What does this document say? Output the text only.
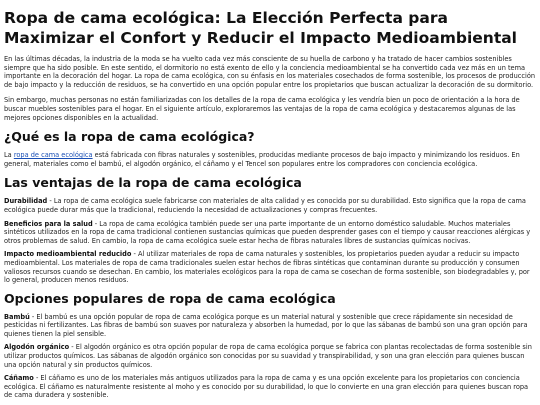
Ropa de cama ecológica: La Elección Perfecta para Maximizar el Confort y Reducir el Impacto Medioambiental

En las últimas décadas, la industria de la moda se ha vuelto cada vez más consciente de su huella de carbono y ha tratado de hacer cambios sostenibles siempre que ha sido posible. En este sentido, el dormitorio no está exento de ello y la conciencia medioambiental se ha convertido cada vez más en un tema importante en la decoración del hogar. La ropa de cama ecológica, con su énfasis en los materiales cosechados de forma sostenible, los procesos de producción de bajo impacto y la reducción de residuos, se ha convertido en una opción popular entre los propietarios que buscan actualizar la decoración de su dormitorio.

Sin embargo, muchas personas no están familiarizadas con los detalles de la ropa de cama ecológica y les vendría bien un poco de orientación a la hora de buscar muebles sostenibles para el hogar. En el siguiente artículo, exploraremos las ventajas de la ropa de cama ecológica y destacaremos algunas de las mejores opciones disponibles en la actualidad.

¿Qué es la ropa de cama ecológica?

La ropa de cama ecológica está fabricada con fibras naturales y sostenibles, producidas mediante procesos de bajo impacto y minimizando los residuos. En general, materiales como el bambú, el algodón orgánico, el cáñamo y el Tencel son populares entre los compradores con conciencia ecológica.

Las ventajas de la ropa de cama ecológica

Durabilidad - La ropa de cama ecológica suele fabricarse con materiales de alta calidad y es conocida por su durabilidad. Esto significa que la ropa de cama ecológica puede durar más que la tradicional, reduciendo la necesidad de actualizaciones y compras frecuentes.

Beneficios para la salud - La ropa de cama ecológica también puede ser una parte importante de un entorno doméstico saludable. Muchos materiales sintéticos utilizados en la ropa de cama tradicional contienen sustancias químicas que pueden desprender gases con el tiempo y causar reacciones alérgicas y otros problemas de salud. En cambio, la ropa de cama ecológica suele estar hecha de fibras naturales libres de sustancias químicas nocivas.

Impacto medioambiental reducido - Al utilizar materiales de ropa de cama naturales y sostenibles, los propietarios pueden ayudar a reducir su impacto medioambiental. Los materiales de ropa de cama tradicionales suelen estar hechos de fibras sintéticas que contaminan durante su producción y consumen valiosos recursos cuando se desechan. En cambio, los materiales ecológicos para la ropa de cama se cosechan de forma sostenible, son biodegradables y, por lo general, producen menos residuos.

Opciones populares de ropa de cama ecológica

Bambú - El bambú es una opción popular de ropa de cama ecológica porque es un material natural y sostenible que crece rápidamente sin necesidad de pesticidas ni fertilizantes. Las fibras de bambú son suaves por naturaleza y absorben la humedad, por lo que las sábanas de bambú son una gran opción para quienes tienen la piel sensible.

Algodón orgánico - El algodón orgánico es otra opción popular de ropa de cama ecológica porque se fabrica con plantas recolectadas de forma sostenible sin utilizar productos químicos. Las sábanas de algodón orgánico son conocidas por su suavidad y transpirabilidad, y son una gran elección para quienes buscan una opción natural y sin productos químicos.

Cáñamo - El cáñamo es uno de los materiales más antiguos utilizados para la ropa de cama y es una opción excelente para los propietarios con conciencia ecológica. El cáñamo es naturalmente resistente al moho y es conocido por su durabilidad, lo que lo convierte en una gran elección para quienes buscan ropa de cama duradera y sostenible.
